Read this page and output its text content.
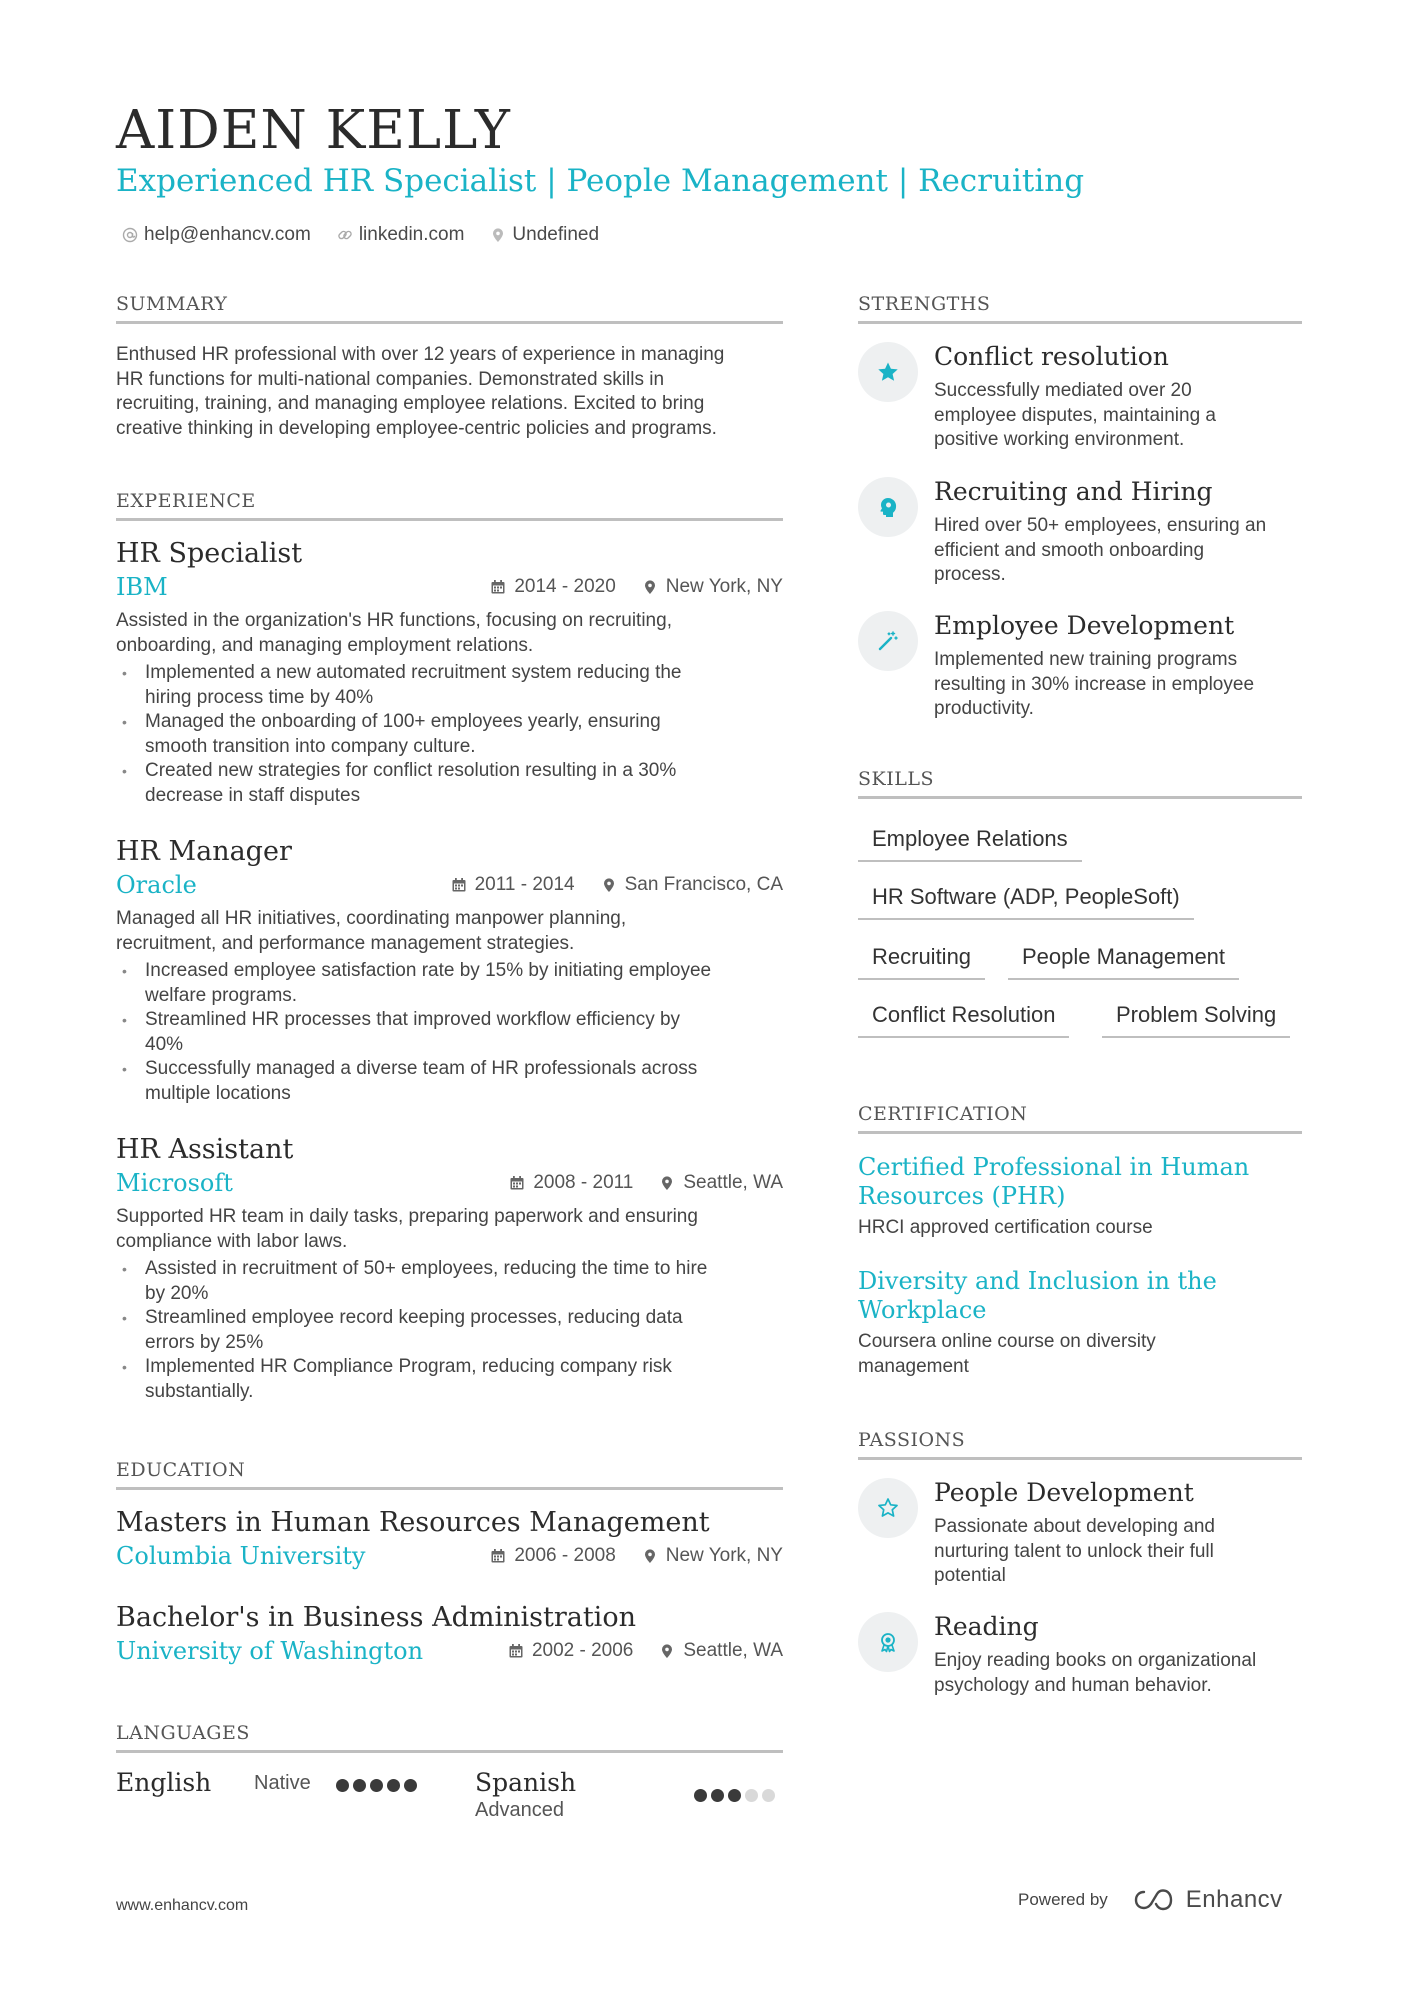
AIDEN KELLY
Experienced HR Specialist | People Management | Recruiting
help@enhancv.com	linkedin.com	Undefined
SUMMARY
Enthused HR professional with over 12 years of experience in managing
HR functions for multi-national companies. Demonstrated skills in
recruiting, training, and managing employee relations. Excited to bring
creative thinking in developing employee-centric policies and programs.
EXPERIENCE
HR Specialist
IBM	2014 - 2020	New York, NY
Assisted in the organization's HR functions, focusing on recruiting,
onboarding, and managing employment relations.
• Implemented a new automated recruitment system reducing the
hiring process time by 40%
• Managed the onboarding of 100+ employees yearly, ensuring
smooth transition into company culture.
• Created new strategies for conflict resolution resulting in a 30%
decrease in staff disputes
HR Manager
Oracle	2011 - 2014	San Francisco, CA
Managed all HR initiatives, coordinating manpower planning,
recruitment, and performance management strategies.
• Increased employee satisfaction rate by 15% by initiating employee
welfare programs.
• Streamlined HR processes that improved workflow efficiency by
40%
• Successfully managed a diverse team of HR professionals across
multiple locations
HR Assistant
Microsoft	2008 - 2011	Seattle, WA
Supported HR team in daily tasks, preparing paperwork and ensuring
compliance with labor laws.
• Assisted in recruitment of 50+ employees, reducing the time to hire
by 20%
• Streamlined employee record keeping processes, reducing data
errors by 25%
• Implemented HR Compliance Program, reducing company risk
substantially.
EDUCATION
Masters in Human Resources Management
Columbia University	2006 - 2008	New York, NY
Bachelor's in Business Administration
University of Washington	2002 - 2006	Seattle, WA
LANGUAGES
English Native	Spanish
Advanced
STRENGTHS
Conflict resolution
Successfully mediated over 20
employee disputes, maintaining a
positive working environment.
Recruiting and Hiring
Hired over 50+ employees, ensuring an
efficient and smooth onboarding
process.
Employee Development
Implemented new training programs
resulting in 30% increase in employee
productivity.
SKILLS
Employee Relations
HR Software (ADP, PeopleSoft)
Recruiting	People Management
Conflict Resolution	Problem Solving
CERTIFICATION
Certified Professional in Human
Resources (PHR)
HRCI approved certification course
Diversity and Inclusion in the
Workplace
Coursera online course on diversity
management
PASSIONS
People Development
Passionate about developing and
nurturing talent to unlock their full
potential
Reading
Enjoy reading books on organizational
psychology and human behavior.
www.enhancv.com	Powered by	Enhancv
